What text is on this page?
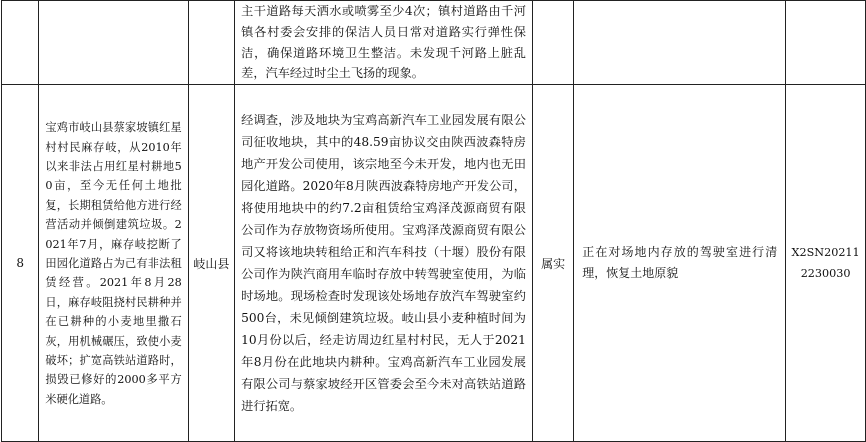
			主干道路每天洒水或喷雾至少4次；镇村道路由千河镇各村委会安排的保洁人员日常对道路实行弹性保洁，确保道路环境卫生整洁。未发现千河路上脏乱差，汽车经过时尘土飞扬的现象。			
8	宝鸡市岐山县蔡家坡镇红星村村民麻存岐，从2010年以来非法占用红星村耕地50亩，至今无任何土地批复，长期租赁给他方进行经营活动并倾倒建筑垃圾。2021年7月，麻存岐挖断了田园化道路占为己有非法租赁经营。2021年8月28日，麻存岐阻挠村民耕种并在已耕种的小麦地里撒石灰，用机械碾压，致使小麦破坏；扩宽高铁站道路时，损毁已修好的2000多平方米硬化道路。	岐山县	经调查，涉及地块为宝鸡高新汽车工业园发展有限公司征收地块，其中的48.59亩协议交由陕西波森特房地产开发公司使用，该宗地至今未开发，地内也无田园化道路。2020年8月陕西波森特房地产开发公司，将使用地块中的约7.2亩租赁给宝鸡泽茂源商贸有限公司作为存放物资场所使用。宝鸡泽茂源商贸有限公司又将该地块转租给正和汽车科技（十堰）股份有限公司作为陕汽商用车临时存放中转驾驶室使用，为临时场地。现场检查时发现该处场地存放汽车驾驶室约500台，未见倾倒建筑垃圾。岐山县小麦种植时间为10月份以后，经走访周边红星村村民，无人于2021年8月份在此地块内耕种。宝鸡高新汽车工业园发展有限公司与蔡家坡经开区管委会至今未对高铁站道路进行拓宽。	属实	正在对场地内存放的驾驶室进行清理，恢复土地原貌	X2SN202112230030
